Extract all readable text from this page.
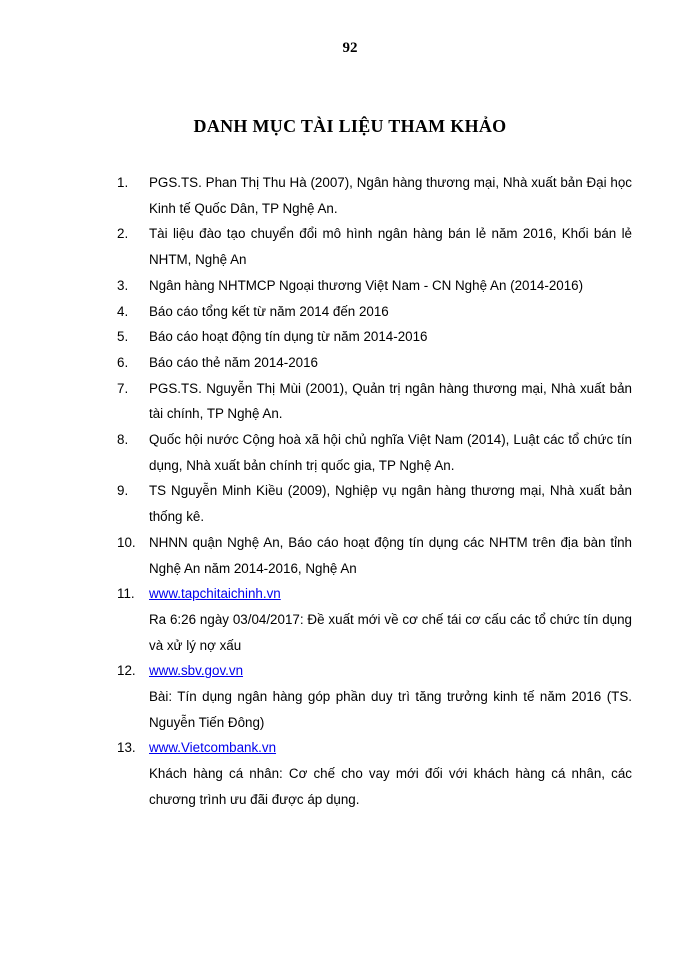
92
DANH MỤC TÀI LIỆU THAM KHẢO
1. PGS.TS. Phan Thị Thu Hà (2007), Ngân hàng thương mại, Nhà xuất bản Đại học Kinh tế Quốc Dân, TP Nghệ An.
2. Tài liệu đào tạo chuyển đổi mô hình ngân hàng bán lẻ năm 2016, Khối bán lẻ NHTM, Nghệ An
3. Ngân hàng NHTMCP Ngoại thương Việt Nam - CN Nghệ An (2014-2016)
4. Báo cáo tổng kết từ năm 2014 đến 2016
5. Báo cáo hoạt động tín dụng từ năm 2014-2016
6. Báo cáo thẻ năm 2014-2016
7. PGS.TS. Nguyễn Thị Mùi (2001), Quản trị ngân hàng thương mại, Nhà xuất bản tài chính, TP Nghệ An.
8. Quốc hội nước Cộng hoà xã hội chủ nghĩa Việt Nam (2014), Luật các tổ chức tín dụng, Nhà xuất bản chính trị quốc gia, TP Nghệ An.
9. TS Nguyễn Minh Kiều (2009), Nghiệp vụ ngân hàng thương mại, Nhà xuất bản thống kê.
10. NHNN quận Nghệ An, Báo cáo hoạt động tín dụng các NHTM trên địa bàn tỉnh Nghệ An năm 2014-2016, Nghệ An
11. www.tapchitaichinh.vn
Ra 6:26 ngày 03/04/2017: Đề xuất mới về cơ chế tái cơ cấu các tổ chức tín dụng và xử lý nợ xấu
12. www.sbv.gov.vn
Bài: Tín dụng ngân hàng góp phần duy trì tăng trưởng kinh tế năm 2016 (TS. Nguyễn Tiến Đông)
13. www.Vietcombank.vn
Khách hàng cá nhân: Cơ chế cho vay mới đối với khách hàng cá nhân, các chương trình ưu đãi được áp dụng.
